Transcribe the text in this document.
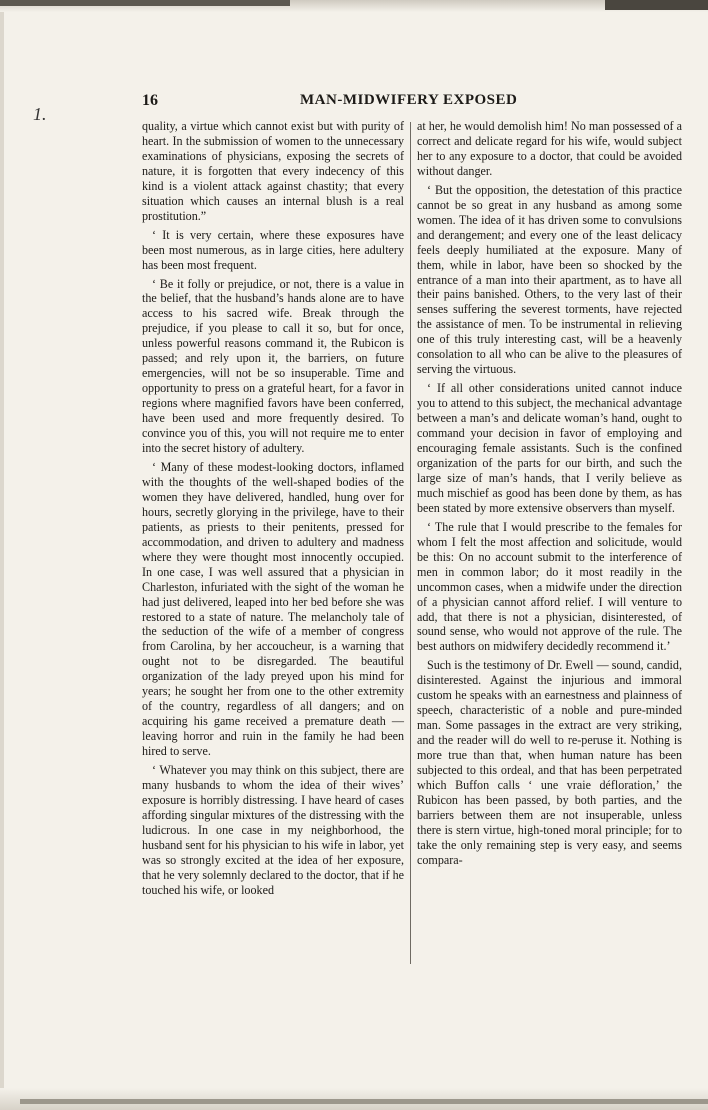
1.
16	MAN-MIDWIFERY EXPOSED

quality, a virtue which cannot exist but with purity of heart. In the submission of women to the unnecessary examinations of physicians, exposing the secrets of nature, it is forgotten that every indecency of this kind is a violent attack against chastity; that every situation which causes an internal blush is a real prostitution.”

‘ It is very certain, where these exposures have been most numerous, as in large cities, here adultery has been most frequent.

‘ Be it folly or prejudice, or not, there is a value in the belief, that the husband’s hands alone are to have access to his sacred wife. Break through the prejudice, if you please to call it so, but for once, unless powerful reasons command it, the Rubicon is passed; and rely upon it, the barriers, on future emergencies, will not be so insuperable. Time and opportunity to press on a grateful heart, for a favor in regions where magnified favors have been conferred, have been used and more frequently desired. To convince you of this, you will not require me to enter into the secret history of adultery.

‘ Many of these modest-looking doctors, inflamed with the thoughts of the well-shaped bodies of the women they have delivered, handled, hung over for hours, secretly glorying in the privilege, have to their patients, as priests to their penitents, pressed for accommodation, and driven to adultery and madness where they were thought most innocently occupied. In one case, I was well assured that a physician in Charleston, infuriated with the sight of the woman he had just delivered, leaped into her bed before she was restored to a state of nature. The melancholy tale of the seduction of the wife of a member of congress from Carolina, by her accoucheur, is a warning that ought not to be disregarded. The beautiful organization of the lady preyed upon his mind for years; he sought her from one to the other extremity of the country, regardless of all dangers; and on acquiring his game received a premature death — leaving horror and ruin in the family he had been hired to serve.

‘ Whatever you may think on this subject, there are many husbands to whom the idea of their wives’ exposure is horribly distressing. I have heard of cases affording singular mixtures of the distressing with the ludicrous. In one case in my neighborhood, the husband sent for his physician to his wife in labor, yet was so strongly excited at the idea of her exposure, that he very solemnly declared to the doctor, that if he touched his wife, or looked

at her, he would demolish him! No man possessed of a correct and delicate regard for his wife, would subject her to any exposure to a doctor, that could be avoided without danger.

‘ But the opposition, the detestation of this practice cannot be so great in any husband as among some women. The idea of it has driven some to convulsions and derangement; and every one of the least delicacy feels deeply humiliated at the exposure. Many of them, while in labor, have been so shocked by the entrance of a man into their apartment, as to have all their pains banished. Others, to the very last of their senses suffering the severest torments, have rejected the assistance of men. To be instrumental in relieving one of this truly interesting cast, will be a heavenly consolation to all who can be alive to the pleasures of serving the virtuous.

‘ If all other considerations united cannot induce you to attend to this subject, the mechanical advantage between a man’s and delicate woman’s hand, ought to command your decision in favor of employing and encouraging female assistants. Such is the confined organization of the parts for our birth, and such the large size of man’s hands, that I verily believe as much mischief as good has been done by them, as has been stated by more extensive observers than myself.

‘ The rule that I would prescribe to the females for whom I felt the most affection and solicitude, would be this: On no account submit to the interference of men in common labor; do it most readily in the uncommon cases, when a midwife under the direction of a physician cannot afford relief. I will venture to add, that there is not a physician, disinterested, of sound sense, who would not approve of the rule. The best authors on midwifery decidedly recommend it.’

Such is the testimony of Dr. Ewell — sound, candid, disinterested. Against the injurious and immoral custom he speaks with an earnestness and plainness of speech, characteristic of a noble and pure-minded man. Some passages in the extract are very striking, and the reader will do well to re-peruse it. Nothing is more true than that, when human nature has been subjected to this ordeal, and that has been perpetrated which Buffon calls ‘ une vraie défloration,’ the Rubicon has been passed, by both parties, and the barriers between them are not insuperable, unless there is stern virtue, high-toned moral principle; for to take the only remaining step is very easy, and seems compara-
